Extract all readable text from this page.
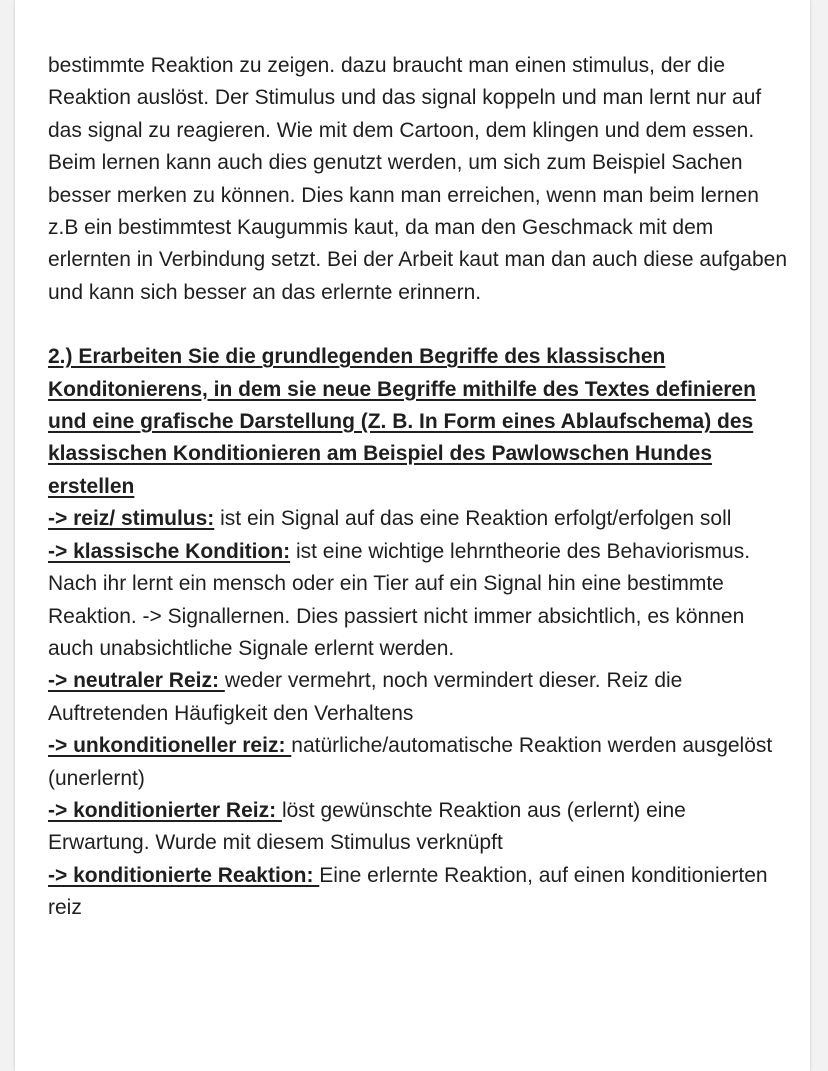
bestimmte Reaktion zu zeigen. dazu braucht man einen stimulus, der die Reaktion auslöst. Der Stimulus und das signal koppeln und man lernt nur auf das signal zu reagieren. Wie mit dem Cartoon, dem klingen und dem essen.

Beim lernen kann auch dies genutzt werden, um sich zum Beispiel Sachen besser merken zu können. Dies kann man erreichen, wenn man beim lernen z.B ein bestimmtest Kaugummis kaut, da man den Geschmack mit dem erlernten in Verbindung setzt. Bei der Arbeit kaut man dan auch diese aufgaben und kann sich besser an das erlernte erinnern.

2.) Erarbeiten Sie die grundlegenden Begriffe des klassischen Konditonierens, in dem sie neue Begriffe mithilfe des Textes definieren und eine grafische Darstellung (Z. B. In Form eines Ablaufschema) des klassischen Konditionieren am Beispiel des Pawlowschen Hundes erstellen

-> reiz/ stimulus: ist ein Signal auf das eine Reaktion erfolgt/erfolgen soll

-> klassische Kondition: ist eine wichtige lehrntheorie des Behaviorismus. Nach ihr lernt ein mensch oder ein Tier auf ein Signal hin eine bestimmte Reaktion. -> Signallernen. Dies passiert nicht immer absichtlich, es können auch unabsichtliche Signale erlernt werden.

-> neutraler Reiz: weder vermehrt, noch vermindert dieser. Reiz die Auftretenden Häufigkeit den Verhaltens

-> unkonditioneller reiz: natürliche/automatische Reaktion werden ausgelöst (unerlernt)

-> konditionierter Reiz: löst gewünschte Reaktion aus (erlernt) eine Erwartung. Wurde mit diesem Stimulus verknüpft

-> konditionierte Reaktion: Eine erlernte Reaktion, auf einen konditionierten reiz
